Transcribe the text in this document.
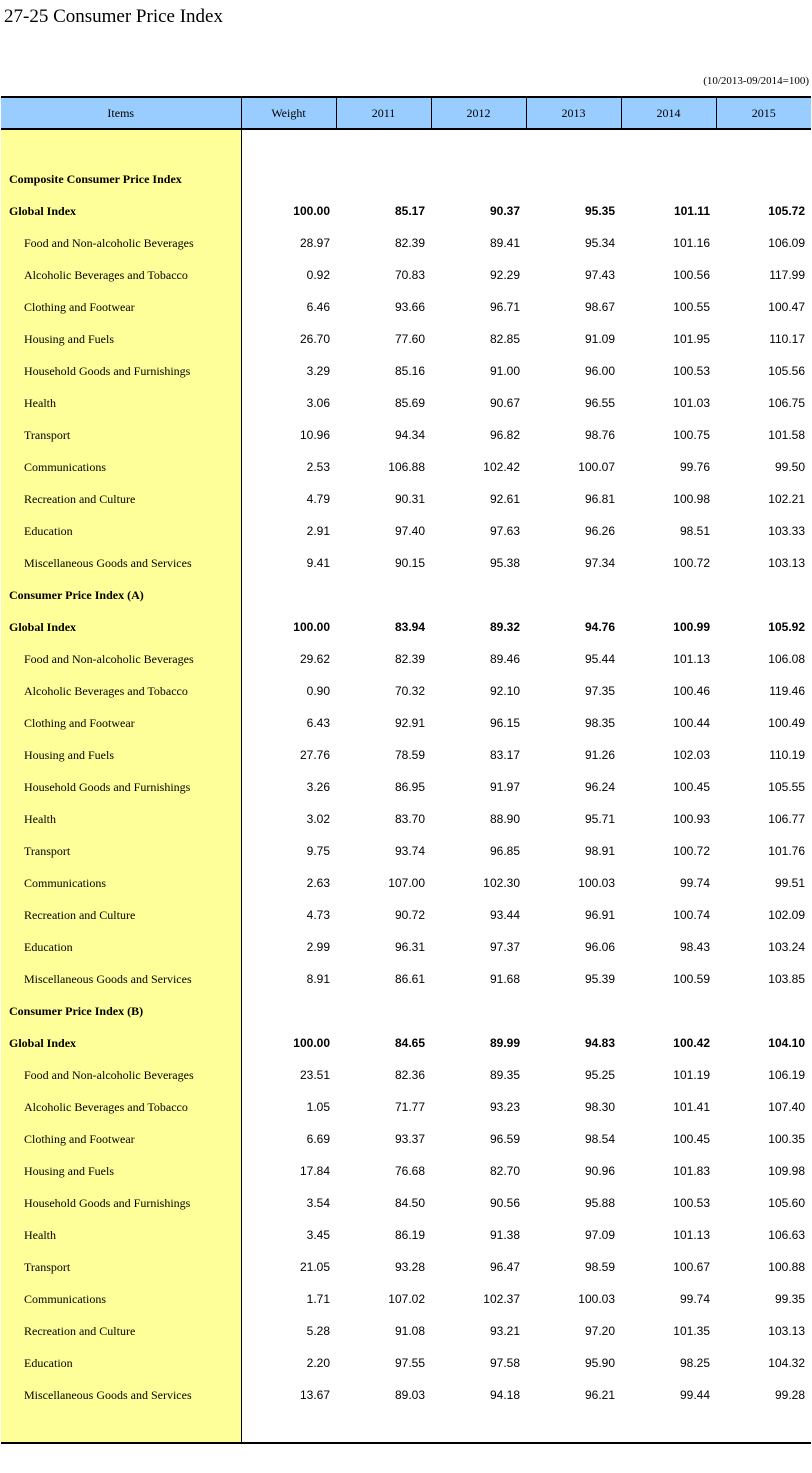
27-25 Consumer Price Index
(10/2013-09/2014=100)
Items	Weight	2011	2012	2013	2014	2015

Composite Consumer Price Index						
Global Index	100.00	85.17	90.37	95.35	101.11	105.72
Food and Non-alcoholic Beverages	28.97	82.39	89.41	95.34	101.16	106.09
Alcoholic Beverages and Tobacco	0.92	70.83	92.29	97.43	100.56	117.99
Clothing and Footwear	6.46	93.66	96.71	98.67	100.55	100.47
Housing and Fuels	26.70	77.60	82.85	91.09	101.95	110.17
Household Goods and Furnishings	3.29	85.16	91.00	96.00	100.53	105.56
Health	3.06	85.69	90.67	96.55	101.03	106.75
Transport	10.96	94.34	96.82	98.76	100.75	101.58
Communications	2.53	106.88	102.42	100.07	99.76	99.50
Recreation and Culture	4.79	90.31	92.61	96.81	100.98	102.21
Education	2.91	97.40	97.63	96.26	98.51	103.33
Miscellaneous Goods and Services	9.41	90.15	95.38	97.34	100.72	103.13
Consumer Price Index (A)						
Global Index	100.00	83.94	89.32	94.76	100.99	105.92
Food and Non-alcoholic Beverages	29.62	82.39	89.46	95.44	101.13	106.08
Alcoholic Beverages and Tobacco	0.90	70.32	92.10	97.35	100.46	119.46
Clothing and Footwear	6.43	92.91	96.15	98.35	100.44	100.49
Housing and Fuels	27.76	78.59	83.17	91.26	102.03	110.19
Household Goods and Furnishings	3.26	86.95	91.97	96.24	100.45	105.55
Health	3.02	83.70	88.90	95.71	100.93	106.77
Transport	9.75	93.74	96.85	98.91	100.72	101.76
Communications	2.63	107.00	102.30	100.03	99.74	99.51
Recreation and Culture	4.73	90.72	93.44	96.91	100.74	102.09
Education	2.99	96.31	97.37	96.06	98.43	103.24
Miscellaneous Goods and Services	8.91	86.61	91.68	95.39	100.59	103.85
Consumer Price Index (B)						
Global Index	100.00	84.65	89.99	94.83	100.42	104.10
Food and Non-alcoholic Beverages	23.51	82.36	89.35	95.25	101.19	106.19
Alcoholic Beverages and Tobacco	1.05	71.77	93.23	98.30	101.41	107.40
Clothing and Footwear	6.69	93.37	96.59	98.54	100.45	100.35
Housing and Fuels	17.84	76.68	82.70	90.96	101.83	109.98
Household Goods and Furnishings	3.54	84.50	90.56	95.88	100.53	105.60
Health	3.45	86.19	91.38	97.09	101.13	106.63
Transport	21.05	93.28	96.47	98.59	100.67	100.88
Communications	1.71	107.02	102.37	100.03	99.74	99.35
Recreation and Culture	5.28	91.08	93.21	97.20	101.35	103.13
Education	2.20	97.55	97.58	95.90	98.25	104.32
Miscellaneous Goods and Services	13.67	89.03	94.18	96.21	99.44	99.28
